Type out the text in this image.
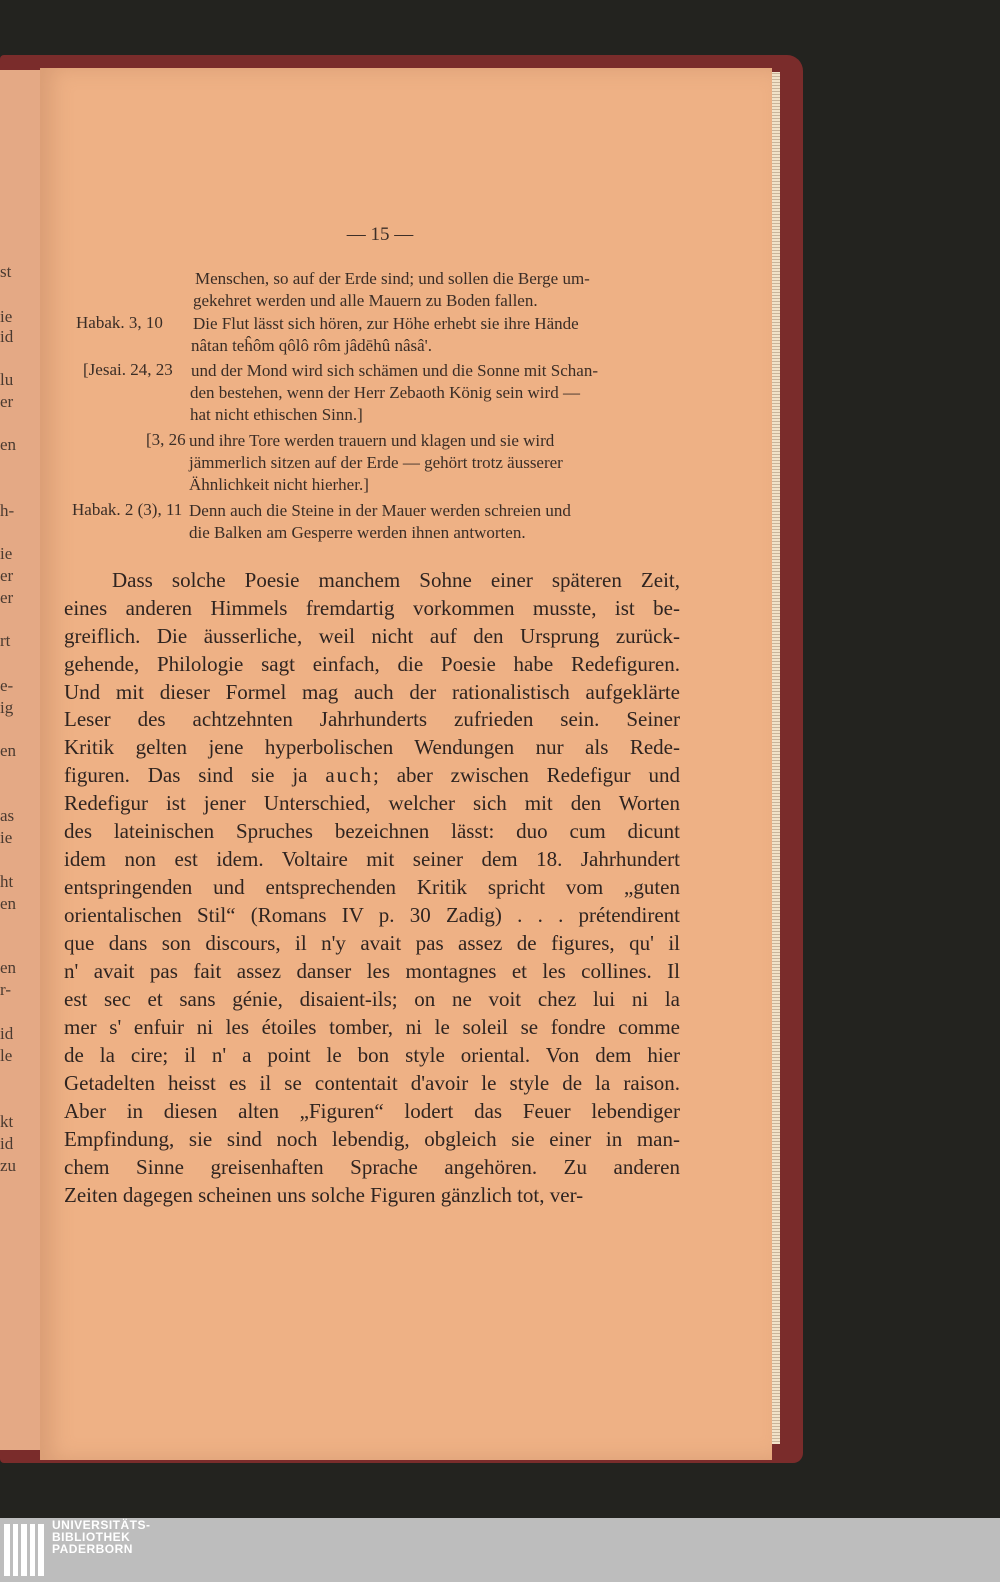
st
ie
id
lu
er
en
h-
ie
er
er
rt
e-
ig
en
as
ie
ht
en
en
r-
id
le
kt
id
zu
— 15 —
Menschen, so auf der Erde sind; und sollen die Berge um-
gekehret werden und alle Mauern zu Boden fallen.
Habak. 3, 10 Die Flut lässt sich hören, zur Höhe erhebt sie ihre Hände
nâtan teĥôm qôlô rôm jâdēhû nâsâ'.
[Jesai. 24, 23 und der Mond wird sich schämen und die Sonne mit Schan-
den bestehen, wenn der Herr Zebaoth König sein wird —
hat nicht ethischen Sinn.]
[3, 26 und ihre Tore werden trauern und klagen und sie wird
jämmerlich sitzen auf der Erde — gehört trotz äusserer
Ähnlichkeit nicht hierher.]
Habak. 2 (3), 11 Denn auch die Steine in der Mauer werden schreien und
die Balken am Gesperre werden ihnen antworten.
Dass solche Poesie manchem Sohne einer späteren Zeit,
eines anderen Himmels fremdartig vorkommen musste, ist be-
greiflich. Die äusserliche, weil nicht auf den Ursprung zurück-
gehende, Philologie sagt einfach, die Poesie habe Redefiguren.
Und mit dieser Formel mag auch der rationalistisch aufgeklärte
Leser des achtzehnten Jahrhunderts zufrieden sein. Seiner
Kritik gelten jene hyperbolischen Wendungen nur als Rede-
figuren. Das sind sie ja auch; aber zwischen Redefigur und
Redefigur ist jener Unterschied, welcher sich mit den Worten
des lateinischen Spruches bezeichnen lässt: duo cum dicunt
idem non est idem. Voltaire mit seiner dem 18. Jahrhundert
entspringenden und entsprechenden Kritik spricht vom „guten
orientalischen Stil“ (Romans IV p. 30 Zadig) . . . prétendirent
que dans son discours, il n'y avait pas assez de figures, qu' il
n' avait pas fait assez danser les montagnes et les collines. Il
est sec et sans génie, disaient-ils; on ne voit chez lui ni la
mer s' enfuir ni les étoiles tomber, ni le soleil se fondre comme
de la cire; il n' a point le bon style oriental. Von dem hier
Getadelten heisst es il se contentait d'avoir le style de la raison.
Aber in diesen alten „Figuren“ lodert das Feuer lebendiger
Empfindung, sie sind noch lebendig, obgleich sie einer in man-
chem Sinne greisenhaften Sprache angehören. Zu anderen
Zeiten dagegen scheinen uns solche Figuren gänzlich tot, ver-
UNIVERSITÄTS-
BIBLIOTHEK
PADERBORN
